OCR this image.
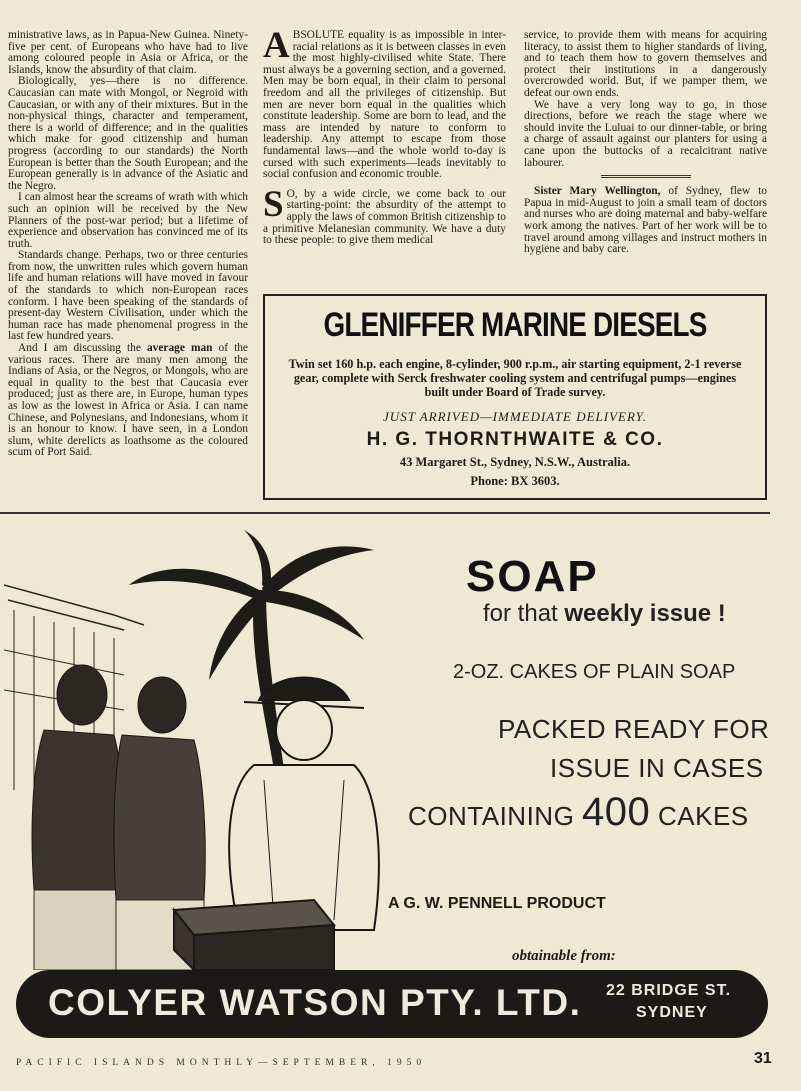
ministrative laws, as in Papua-New Guinea. Ninety-five per cent. of Europeans who have had to live among coloured people in Asia or Africa, or the Islands, know the absurdity of that claim.

Biologically, yes—there is no difference. Caucasian can mate with Mongol, or Negroid with Caucasian, or with any of their mixtures. But in the non-physical things, character and temperament, there is a world of difference; and in the qualities which make for good citizenship and human progress (according to our standards) the North European is better than the South European; and the European generally is in advance of the Asiatic and the Negro.

I can almost hear the screams of wrath with which such an opinion will be received by the New Planners of the post-war period; but a lifetime of experience and observation has convinced me of its truth.

Standards change. Perhaps, two or three centuries from now, the unwritten rules which govern human life and human relations will have moved in favour of the standards to which non-European races conform. I have been speaking of the standards of present-day Western Civilisation, under which the human race has made phenomenal progress in the last few hundred years.

And I am discussing the average man of the various races. There are many men among the Indians of Asia, or the Negros, or Mongols, who are equal in quality to the best that Caucasia ever produced; just as there are, in Europe, human types as low as the lowest in Africa or Asia. I can name Chinese, and Polynesians, and Indonesians, whom it is an honour to know. I have seen, in a London slum, white derelicts as loathsome as the coloured scum of Port Said.

ABSOLUTE equality is as impossible in inter-racial relations as it is between classes in even the most highly-civilised white State. There must always be a governing section, and a governed. Men may be born equal, in their claim to personal freedom and all the privileges of citizenship. But men are never born equal in the qualities which constitute leadership. Some are born to lead, and the mass are intended by nature to conform to leadership. Any attempt to escape from those fundamental laws—and the whole world to-day is cursed with such experiments—leads inevitably to social confusion and economic trouble.

S O, by a wide circle, we come back to our starting-point: the absurdity of the attempt to apply the laws of common British citizenship to a primitive Melanesian community. We have a duty to these people: to give them medical

service, to provide them with means for acquiring literacy, to assist them to higher standards of living, and to teach them how to govern themselves and protect their institutions in a dangerously overcrowded world. But, if we pamper them, we defeat our own ends.

We have a very long way to go, in those directions, before we reach the stage where we should invite the Luluai to our dinner-table, or bring a charge of assault against our planters for using a cane upon the buttocks of a recalcitrant native labourer.

Sister Mary Wellington, of Sydney, flew to Papua in mid-August to join a small team of doctors and nurses who are doing maternal and baby-welfare work among the natives. Part of her work will be to travel around among villages and instruct mothers in hygiene and baby care.

GLENIFFER MARINE DIESELS
Twin set 160 h.p. each engine, 8-cylinder, 900 r.p.m., air starting equipment, 2-1 reverse gear, complete with Serck freshwater cooling system and centrifugal pumps—engines built under Board of Trade survey.
JUST ARRIVED—IMMEDIATE DELIVERY.
H. G. THORNTHWAITE & CO.
43 Margaret St., Sydney, N.S.W., Australia.
Phone: BX 3603.
SOAP
for that weekly issue !
2-OZ. CAKES OF PLAIN SOAP
PACKED READY FOR
ISSUE IN CASES
CONTAINING 400 CAKES
A G. W. PENNELL PRODUCT
obtainable from:
COLYER WATSON PTY. LTD. 22 BRIDGE ST.
SYDNEY
PACIFIC ISLANDS MONTHLY—SEPTEMBER, 1950	31
